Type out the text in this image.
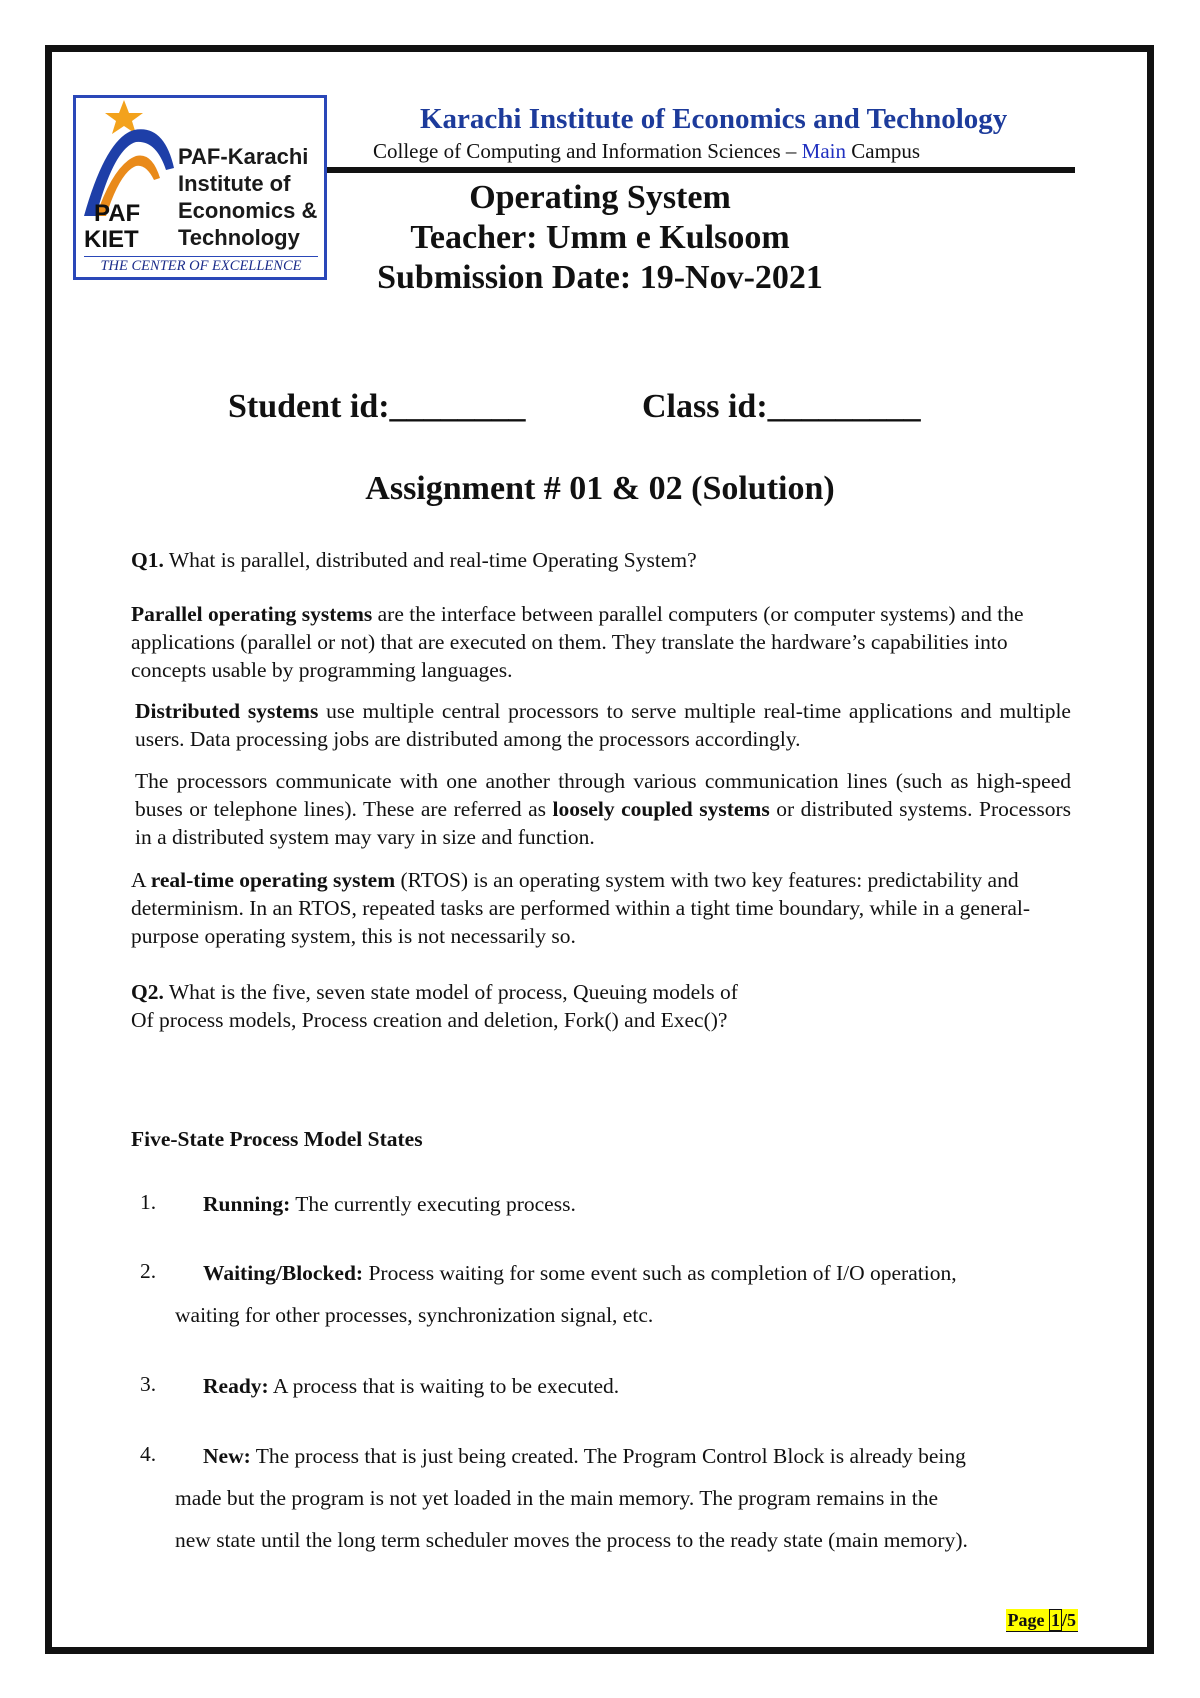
PAF-Karachi
Institute of
Economics &
Technology
PAF
KIET
THE CENTER OF EXCELLENCE
Karachi Institute of Economics and Technology
College of Computing and Information Sciences – Main Campus
Operating System
Teacher: Umm e Kulsoom
Submission Date: 19-Nov-2021
Student id:________	Class id:_________
Assignment # 01 & 02 (Solution)
Q1. What is parallel, distributed and real-time Operating System?
Parallel operating systems are the interface between parallel computers (or computer systems) and the applications (parallel or not) that are executed on them. They translate the hardware’s capabilities into concepts usable by programming languages.
Distributed systems use multiple central processors to serve multiple real-time applications and multiple users. Data processing jobs are distributed among the processors accordingly.
The processors communicate with one another through various communication lines (such as high-speed buses or telephone lines). These are referred as loosely coupled systems or distributed systems. Processors in a distributed system may vary in size and function.
A real-time operating system (RTOS) is an operating system with two key features: predictability and determinism. In an RTOS, repeated tasks are performed within a tight time boundary, while in a general-purpose operating system, this is not necessarily so.
Q2. What is the five, seven state model of process, Queuing models of
Of process models, Process creation and deletion, Fork() and Exec()?
Five-State Process Model States
1. Running: The currently executing process.
2. Waiting/Blocked: Process waiting for some event such as completion of I/O operation,
waiting for other processes, synchronization signal, etc.
3. Ready: A process that is waiting to be executed.
4. New: The process that is just being created. The Program Control Block is already being
made but the program is not yet loaded in the main memory. The program remains in the
new state until the long term scheduler moves the process to the ready state (main memory).
Page 1 /5
